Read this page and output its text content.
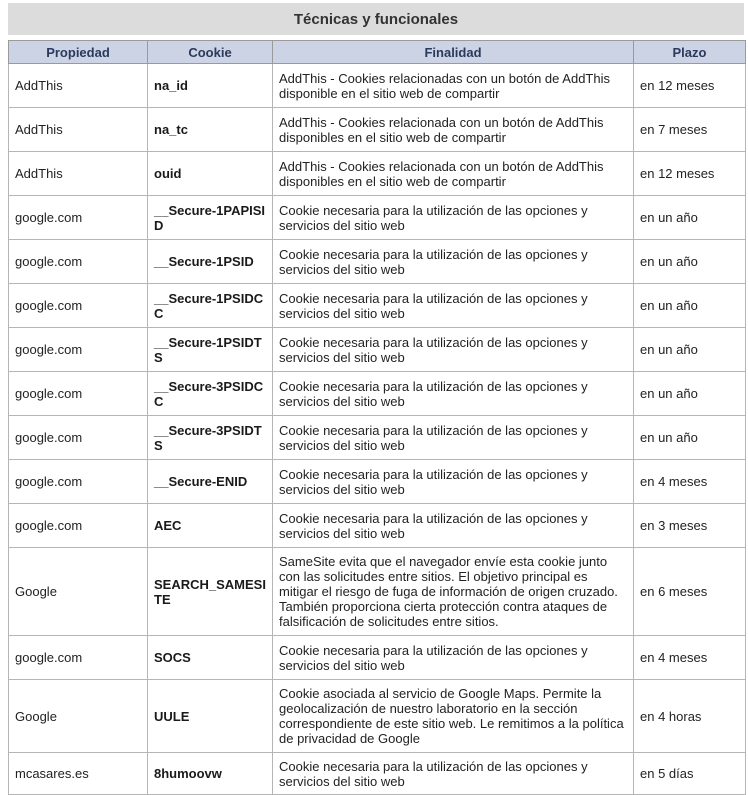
Técnicas y funcionales
Propiedad	Cookie	Finalidad	Plazo
AddThis	na_id	AddThis - Cookies relacionadas con un botón de AddThis disponible en el sitio web de compartir	en 12 meses
AddThis	na_tc	AddThis - Cookies relacionada con un botón de AddThis disponibles en el sitio web de compartir	en 7 meses
AddThis	ouid	AddThis - Cookies relacionada con un botón de AddThis disponibles en el sitio web de compartir	en 12 meses
google.com	__Secure-1PAPISID	Cookie necesaria para la utilización de las opciones y servicios del sitio web	en un año
google.com	__Secure-1PSID	Cookie necesaria para la utilización de las opciones y servicios del sitio web	en un año
google.com	__Secure-1PSIDCC	Cookie necesaria para la utilización de las opciones y servicios del sitio web	en un año
google.com	__Secure-1PSIDTS	Cookie necesaria para la utilización de las opciones y servicios del sitio web	en un año
google.com	__Secure-3PSIDCC	Cookie necesaria para la utilización de las opciones y servicios del sitio web	en un año
google.com	__Secure-3PSIDTS	Cookie necesaria para la utilización de las opciones y servicios del sitio web	en un año
google.com	__Secure-ENID	Cookie necesaria para la utilización de las opciones y servicios del sitio web	en 4 meses
google.com	AEC	Cookie necesaria para la utilización de las opciones y servicios del sitio web	en 3 meses
Google	SEARCH_SAMESITE	SameSite evita que el navegador envíe esta cookie junto con las solicitudes entre sitios. El objetivo principal es mitigar el riesgo de fuga de información de origen cruzado. También proporciona cierta protección contra ataques de falsificación de solicitudes entre sitios.	en 6 meses
google.com	SOCS	Cookie necesaria para la utilización de las opciones y servicios del sitio web	en 4 meses
Google	UULE	Cookie asociada al servicio de Google Maps. Permite la geolocalización de nuestro laboratorio en la sección correspondiente de este sitio web. Le remitimos a la política de privacidad de Google	en 4 horas
mcasares.es	8humoovw	Cookie necesaria para la utilización de las opciones y servicios del sitio web	en 5 días
